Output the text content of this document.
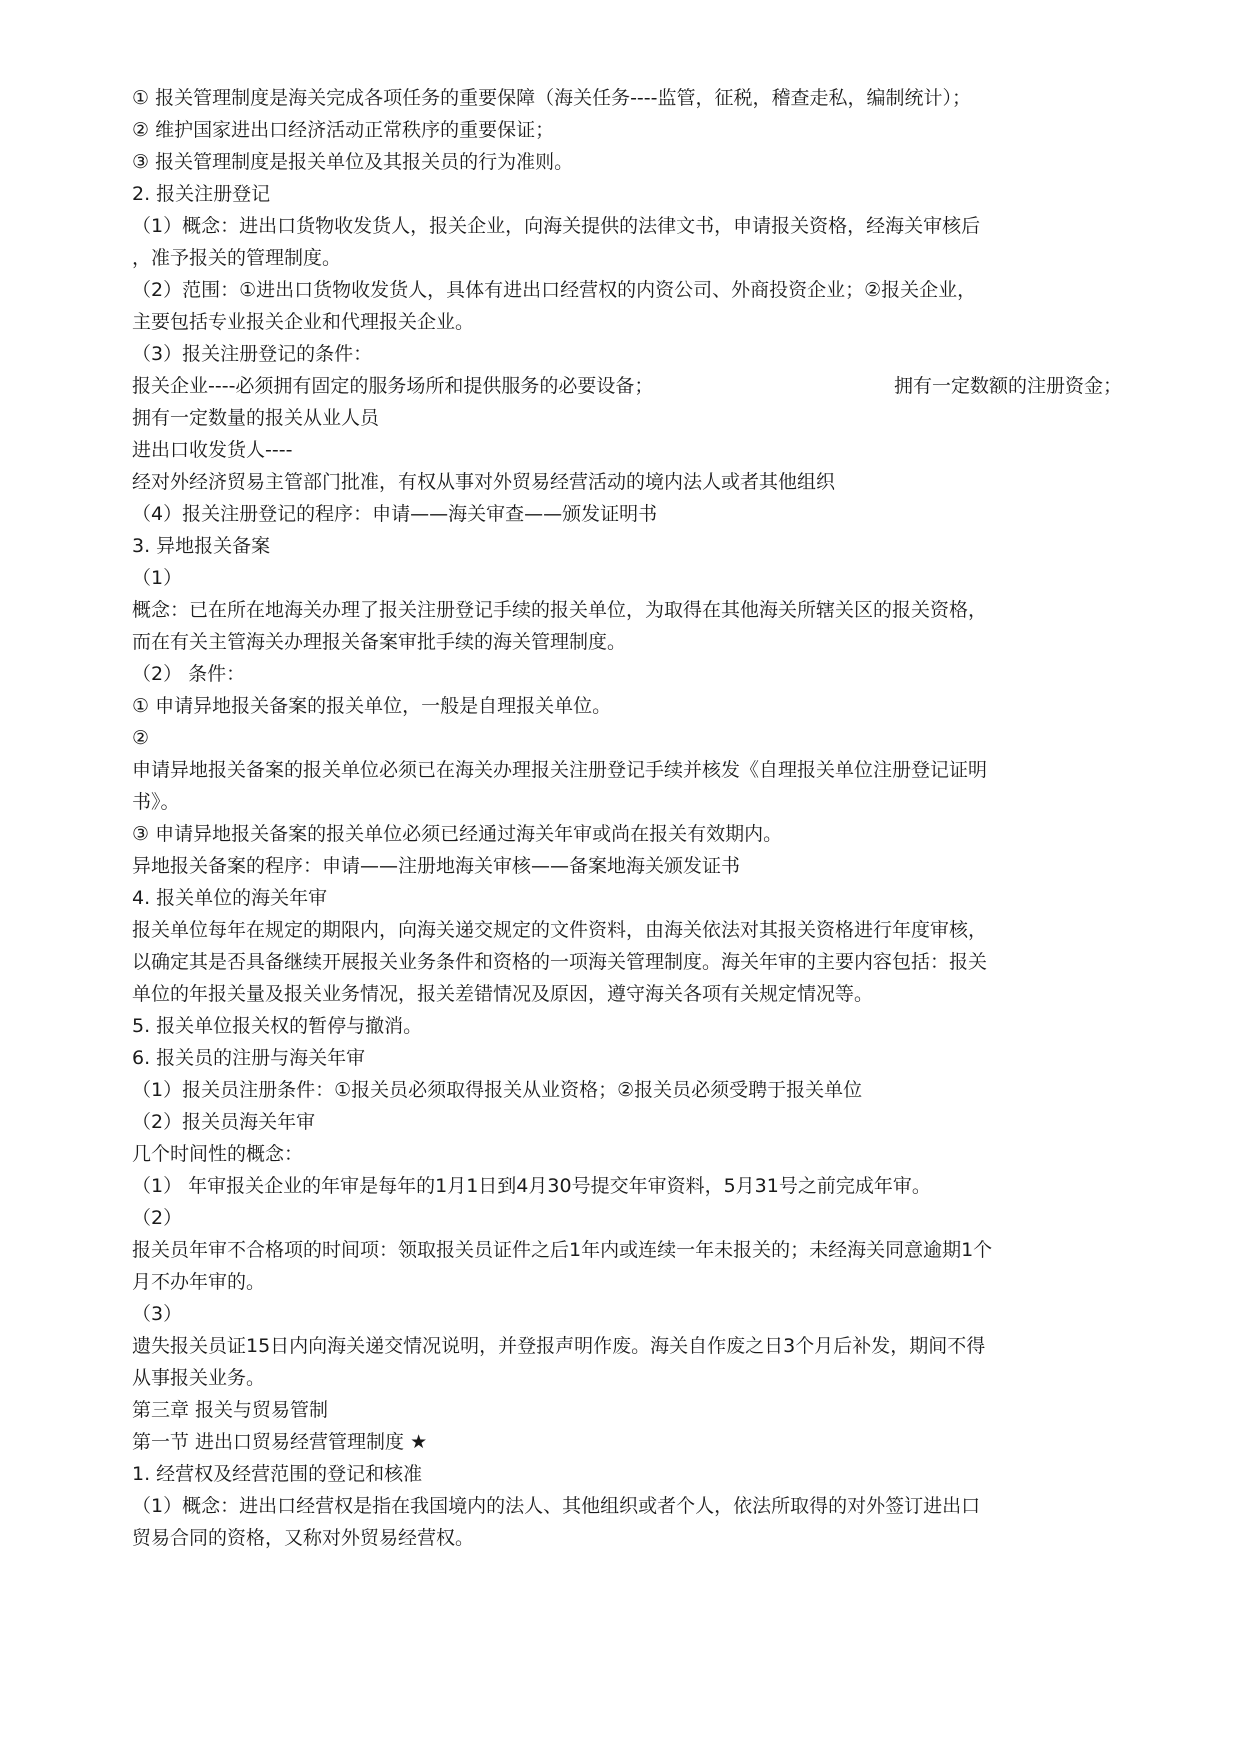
① 报关管理制度是海关完成各项任务的重要保障（海关任务----监管，征税，稽查走私，编制统计）；
② 维护国家进出口经济活动正常秩序的重要保证；
③ 报关管理制度是报关单位及其报关员的行为准则。
2. 报关注册登记
（1）概念：进出口货物收发货人，报关企业，向海关提供的法律文书，申请报关资格，经海关审核后
，准予报关的管理制度。
（2）范围：①进出口货物收发货人，具体有进出口经营权的内资公司、外商投资企业；②报关企业，
主要包括专业报关企业和代理报关企业。
（3）报关注册登记的条件：
报关企业----必须拥有固定的服务场所和提供服务的必要设备；	拥有一定数额的注册资金；
拥有一定数量的报关从业人员
进出口收发货人----
经对外经济贸易主管部门批准，有权从事对外贸易经营活动的境内法人或者其他组织
（4）报关注册登记的程序：申请——海关审查——颁发证明书
3. 异地报关备案
（1）
概念：已在所在地海关办理了报关注册登记手续的报关单位，为取得在其他海关所辖关区的报关资格，
而在有关主管海关办理报关备案审批手续的海关管理制度。
（2） 条件：
① 申请异地报关备案的报关单位，一般是自理报关单位。
②
申请异地报关备案的报关单位必须已在海关办理报关注册登记手续并核发《自理报关单位注册登记证明
书》。
③ 申请异地报关备案的报关单位必须已经通过海关年审或尚在报关有效期内。
异地报关备案的程序：申请——注册地海关审核——备案地海关颁发证书
4. 报关单位的海关年审
报关单位每年在规定的期限内，向海关递交规定的文件资料，由海关依法对其报关资格进行年度审核，
以确定其是否具备继续开展报关业务条件和资格的一项海关管理制度。海关年审的主要内容包括：报关
单位的年报关量及报关业务情况，报关差错情况及原因，遵守海关各项有关规定情况等。
5. 报关单位报关权的暂停与撤消。
6. 报关员的注册与海关年审
（1）报关员注册条件：①报关员必须取得报关从业资格；②报关员必须受聘于报关单位
（2）报关员海关年审
几个时间性的概念：
（1） 年审报关企业的年审是每年的1月1日到4月30号提交年审资料，5月31号之前完成年审。
（2）
报关员年审不合格项的时间项：领取报关员证件之后1年内或连续一年未报关的；未经海关同意逾期1个
月不办年审的。
（3）
遗失报关员证15日内向海关递交情况说明，并登报声明作废。海关自作废之日3个月后补发，期间不得
从事报关业务。
第三章 报关与贸易管制
第一节 进出口贸易经营管理制度 ★
1. 经营权及经营范围的登记和核准
（1）概念：进出口经营权是指在我国境内的法人、其他组织或者个人，依法所取得的对外签订进出口
贸易合同的资格，又称对外贸易经营权。
